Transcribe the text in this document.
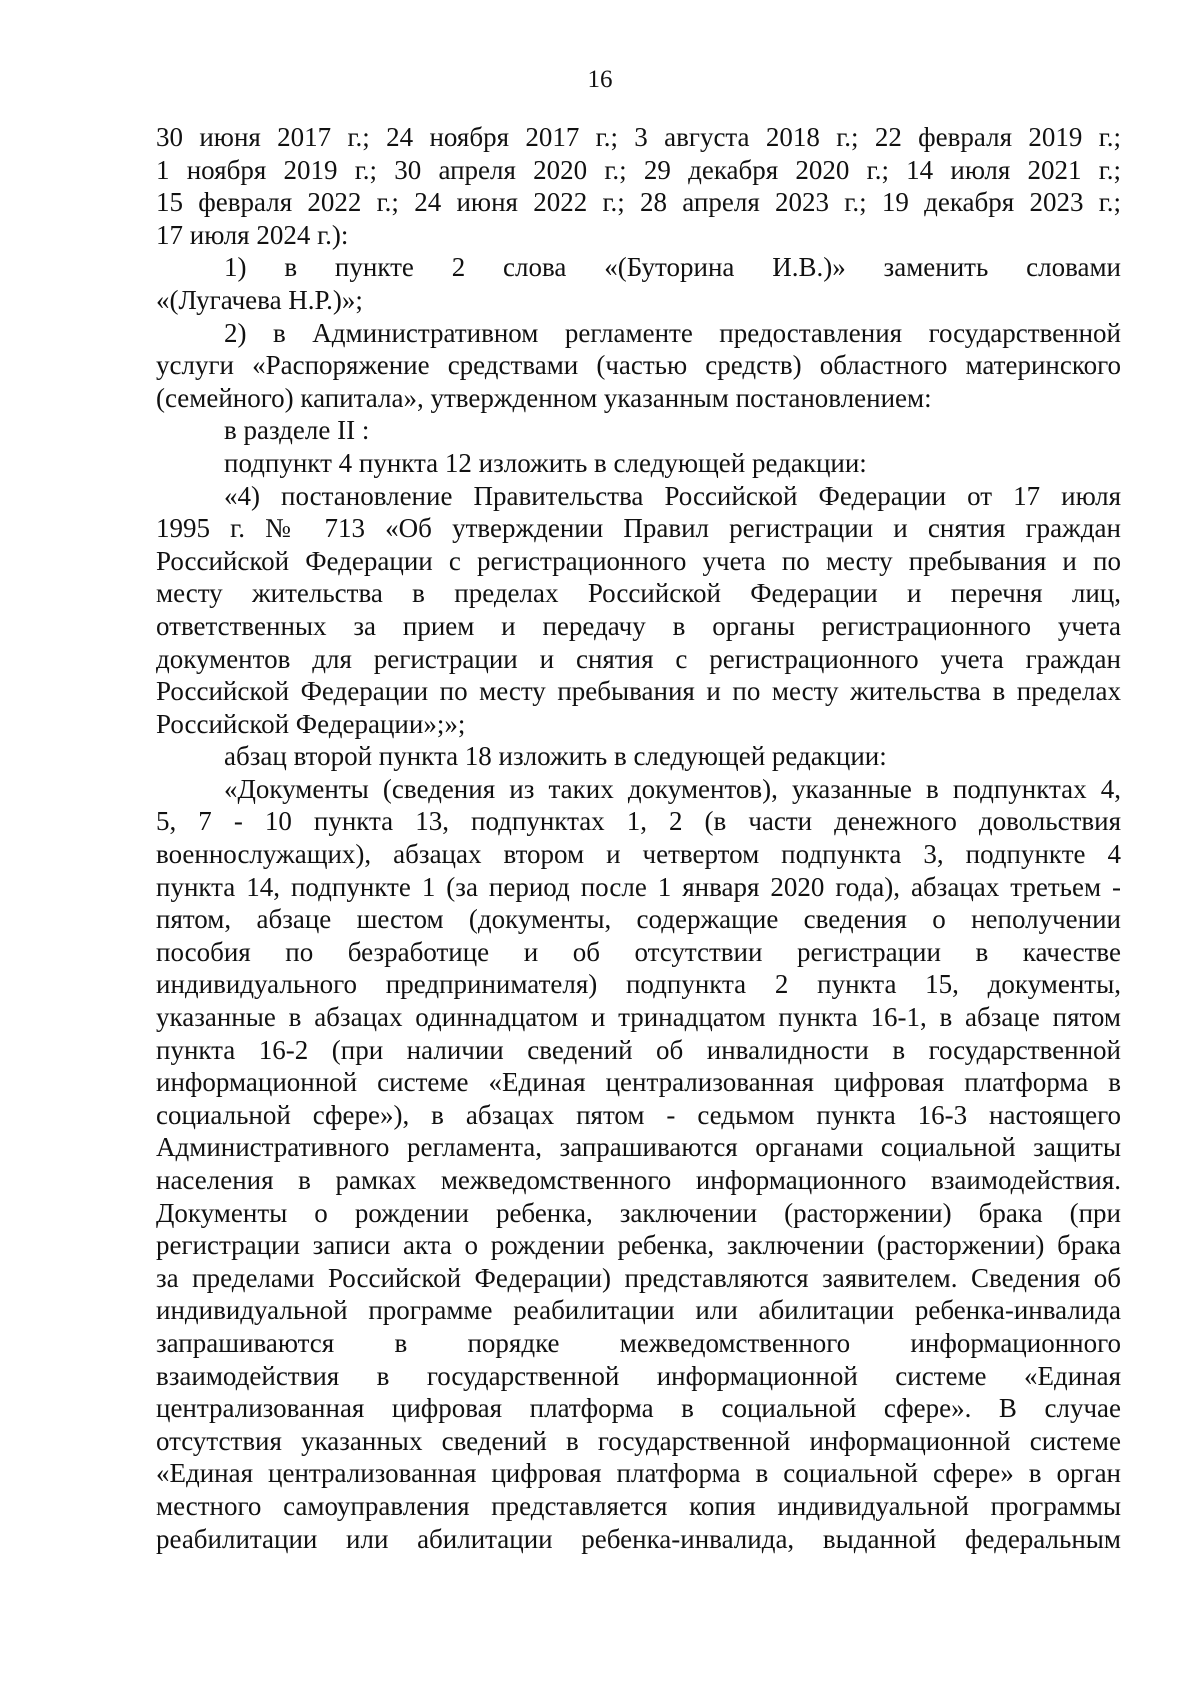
16
30 июня 2017 г.; 24 ноября 2017 г.; 3 августа 2018 г.; 22 февраля 2019 г.;
1 ноября 2019 г.; 30 апреля 2020 г.; 29 декабря 2020 г.; 14 июля 2021 г.;
15 февраля 2022 г.; 24 июня 2022 г.; 28 апреля 2023 г.; 19 декабря 2023 г.;
17 июля 2024 г.):
1) в пункте 2 слова «(Буторина И.В.)» заменить словами
«(Лугачева Н.Р.)»;
2) в Административном регламенте предоставления государственной
услуги «Распоряжение средствами (частью средств) областного материнского
(семейного) капитала», утвержденном указанным постановлением:
в разделе II :
подпункт 4 пункта 12 изложить в следующей редакции:
«4) постановление Правительства Российской Федерации от 17 июля
1995 г. № 713 «Об утверждении Правил регистрации и снятия граждан
Российской Федерации с регистрационного учета по месту пребывания и по
месту жительства в пределах Российской Федерации и перечня лиц,
ответственных за прием и передачу в органы регистрационного учета
документов для регистрации и снятия с регистрационного учета граждан
Российской Федерации по месту пребывания и по месту жительства в пределах
Российской Федерации»;»;
абзац второй пункта 18 изложить в следующей редакции:
«Документы (сведения из таких документов), указанные в подпунктах 4,
5, 7 - 10 пункта 13, подпунктах 1, 2 (в части денежного довольствия
военнослужащих), абзацах втором и четвертом подпункта 3, подпункте 4
пункта 14, подпункте 1 (за период после 1 января 2020 года), абзацах третьем -
пятом, абзаце шестом (документы, содержащие сведения о неполучении
пособия по безработице и об отсутствии регистрации в качестве
индивидуального предпринимателя) подпункта 2 пункта 15, документы,
указанные в абзацах одиннадцатом и тринадцатом пункта 16-1, в абзаце пятом
пункта 16-2 (при наличии сведений об инвалидности в государственной
информационной системе «Единая централизованная цифровая платформа в
социальной сфере»), в абзацах пятом - седьмом пункта 16-3 настоящего
Административного регламента, запрашиваются органами социальной защиты
населения в рамках межведомственного информационного взаимодействия.
Документы о рождении ребенка, заключении (расторжении) брака (при
регистрации записи акта о рождении ребенка, заключении (расторжении) брака
за пределами Российской Федерации) представляются заявителем. Сведения об
индивидуальной программе реабилитации или абилитации ребенка-инвалида
запрашиваются в порядке межведомственного информационного
взаимодействия в государственной информационной системе «Единая
централизованная цифровая платформа в социальной сфере». В случае
отсутствия указанных сведений в государственной информационной системе
«Единая централизованная цифровая платформа в социальной сфере» в орган
местного самоуправления представляется копия индивидуальной программы
реабилитации или абилитации ребенка-инвалида, выданной федеральным
